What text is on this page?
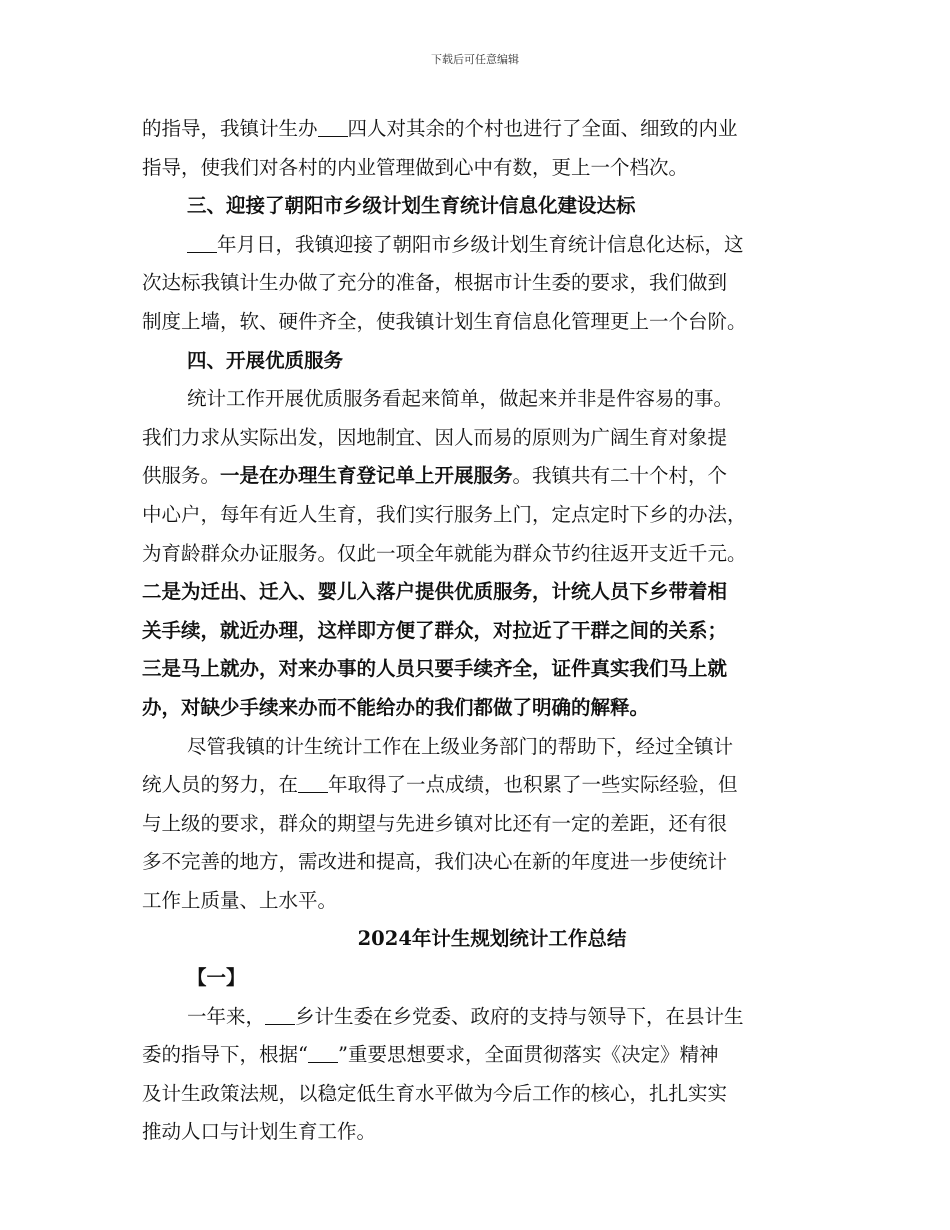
下载后可任意编辑
的指导，我镇计生办 四人对其余的个村也进行了全面、细致的内业
指导，使我们对各村的内业管理做到心中有数，更上一个档次。
三、迎接了朝阳市乡级计划生育统计信息化建设达标
年月日，我镇迎接了朝阳市乡级计划生育统计信息化达标，这
次达标我镇计生办做了充分的准备，根据市计生委的要求，我们做到
制度上墙，软、硬件齐全，使我镇计划生育信息化管理更上一个台阶。
四、开展优质服务
统计工作开展优质服务看起来简单，做起来并非是件容易的事。
我们力求从实际出发，因地制宜、因人而易的原则为广阔生育对象提
供服务。一是在办理生育登记单上开展服务。我镇共有二十个村，个
中心户，每年有近人生育，我们实行服务上门，定点定时下乡的办法，
为育龄群众办证服务。仅此一项全年就能为群众节约往返开支近千元。
二是为迁出、迁入、婴儿入落户提供优质服务，计统人员下乡带着相
关手续，就近办理，这样即方便了群众，对拉近了干群之间的关系；
三是马上就办，对来办事的人员只要手续齐全，证件真实我们马上就
办，对缺少手续来办而不能给办的我们都做了明确的解释。
尽管我镇的计生统计工作在上级业务部门的帮助下，经过全镇计
统人员的努力，在 年取得了一点成绩，也积累了一些实际经验，但
与上级的要求，群众的期望与先进乡镇对比还有一定的差距，还有很
多不完善的地方，需改进和提高，我们决心在新的年度进一步使统计
工作上质量、上水平。
2024年计生规划统计工作总结
【一】
一年来， 乡计生委在乡党委、政府的支持与领导下，在县计生
委的指导下，根据“ ”重要思想要求，全面贯彻落实《决定》精神
及计生政策法规，以稳定低生育水平做为今后工作的核心，扎扎实实
推动人口与计划生育工作。
